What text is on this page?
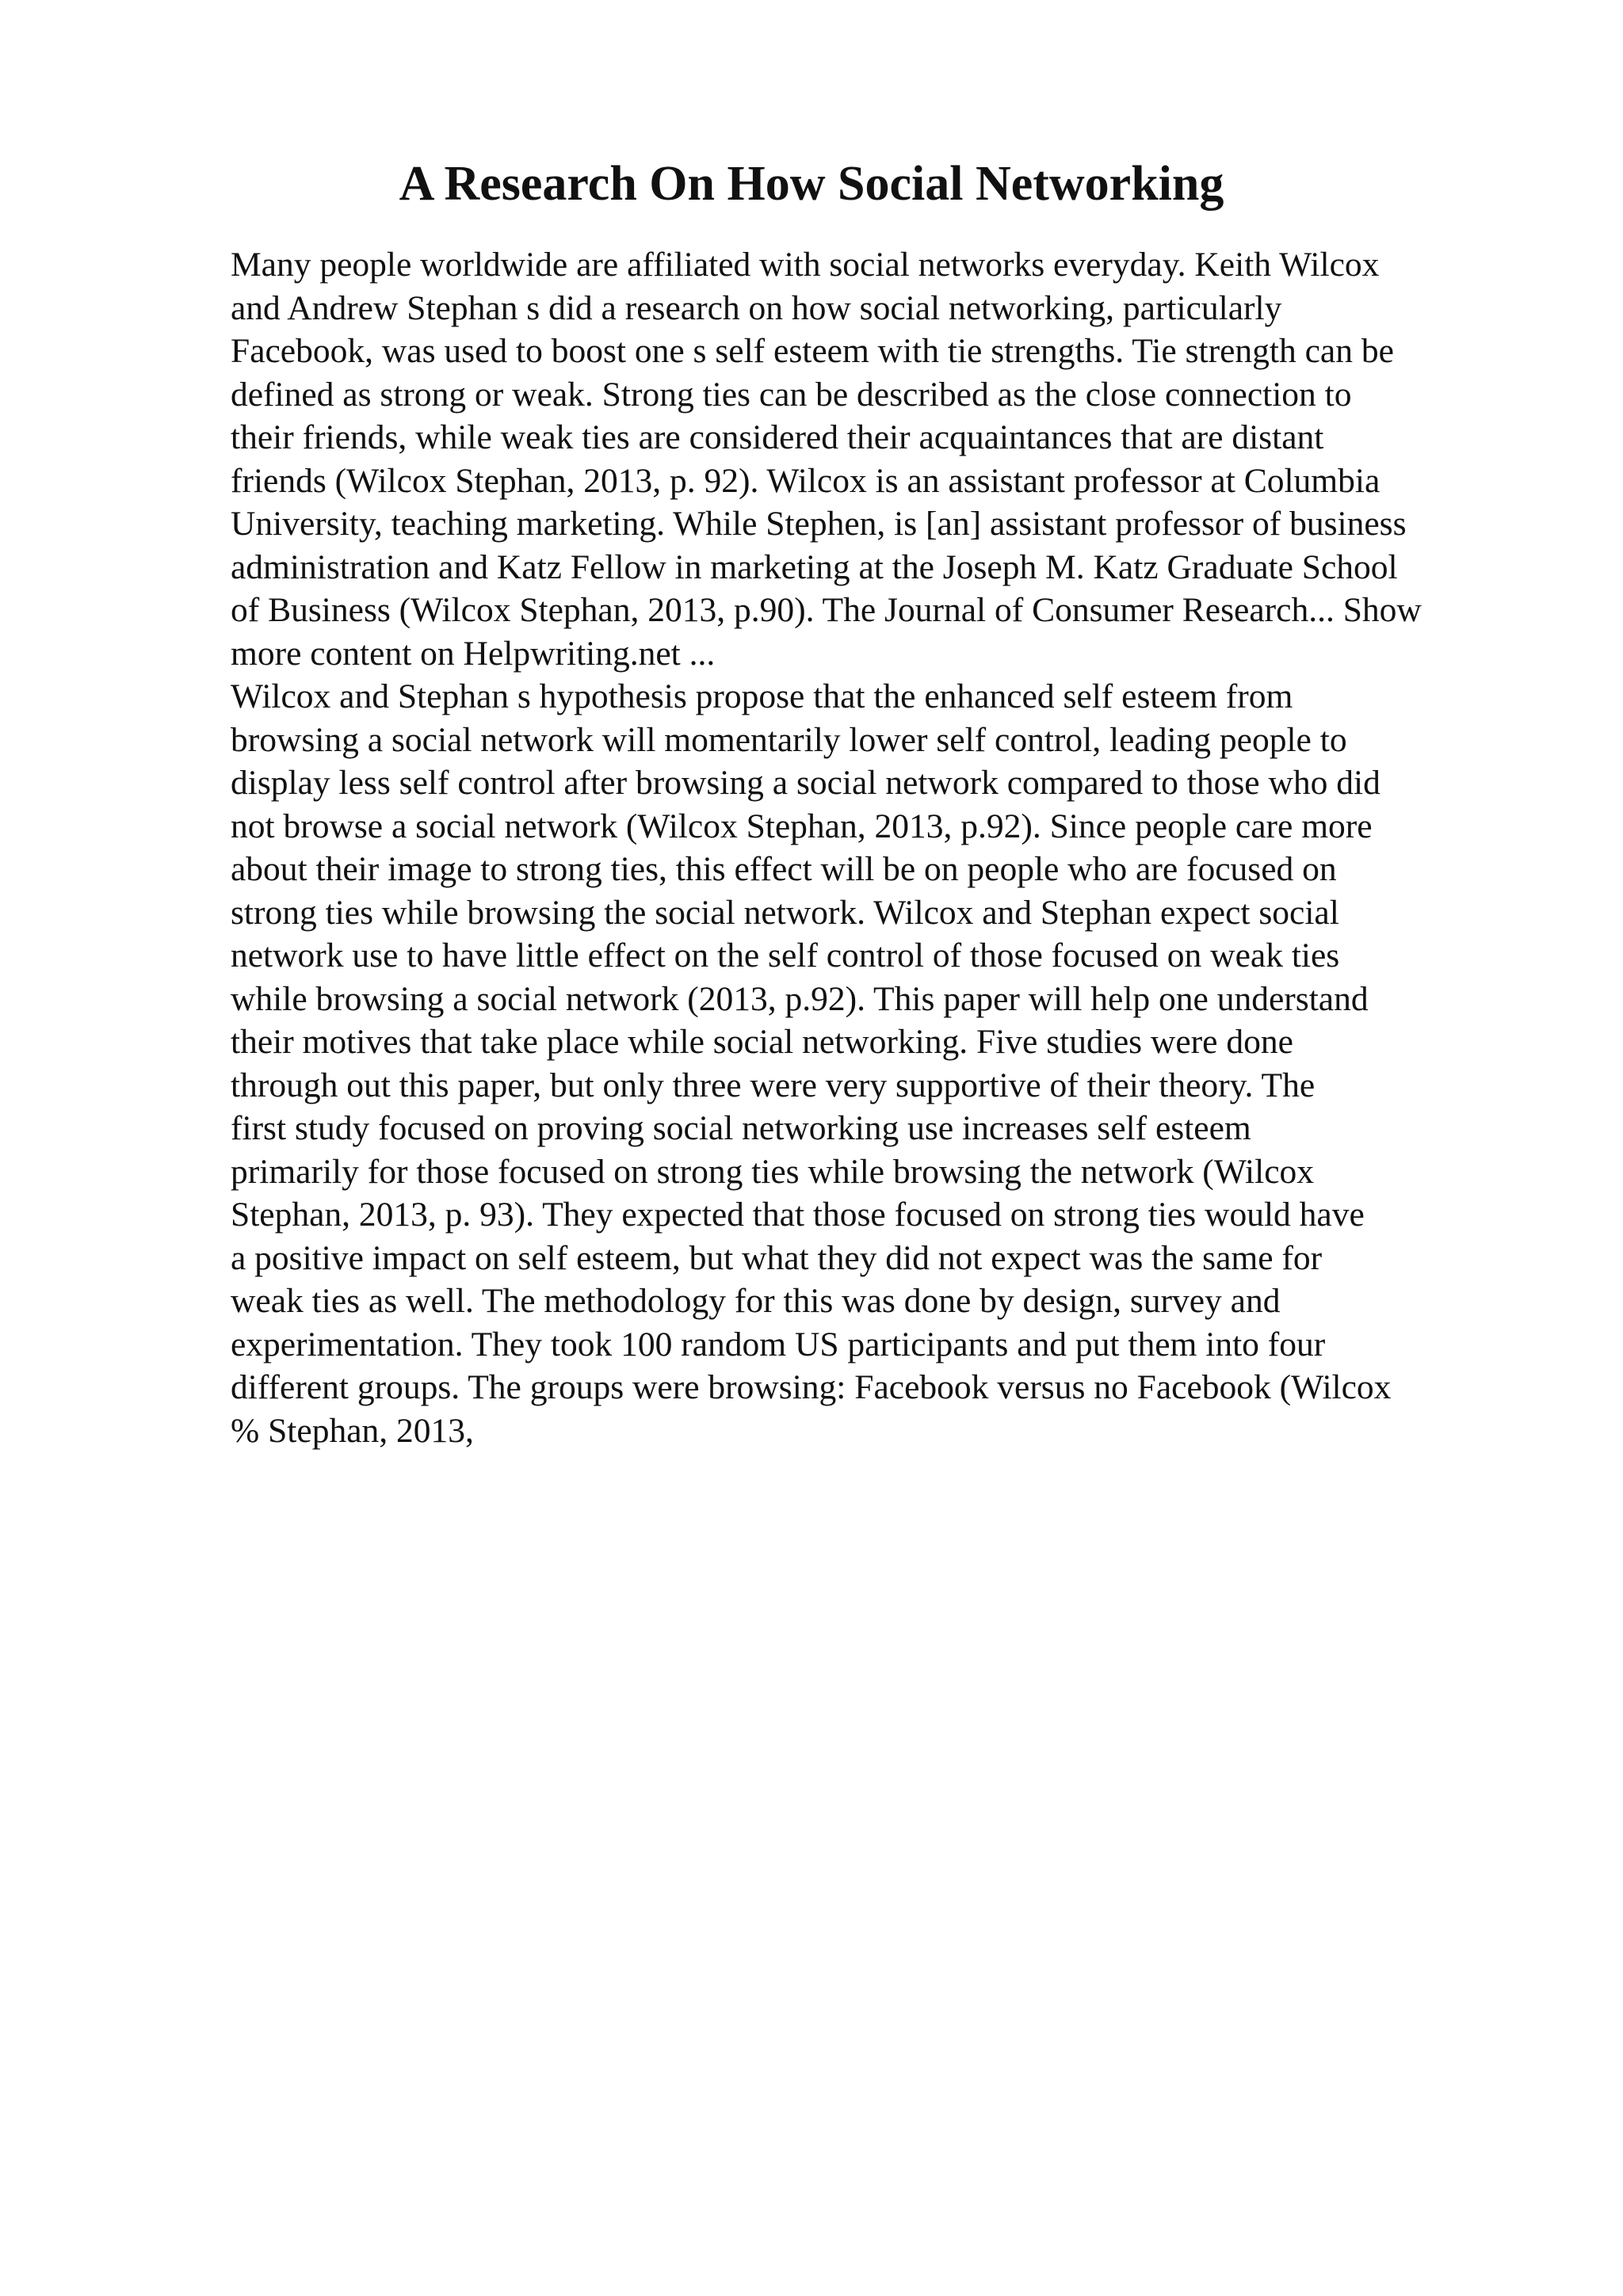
A Research On How Social Networking
Many people worldwide are affiliated with social networks everyday. Keith Wilcox
and Andrew Stephan s did a research on how social networking, particularly
Facebook, was used to boost one s self esteem with tie strengths. Tie strength can be
defined as strong or weak. Strong ties can be described as the close connection to
their friends, while weak ties are considered their acquaintances that are distant
friends (Wilcox Stephan, 2013, p. 92). Wilcox is an assistant professor at Columbia
University, teaching marketing. While Stephen, is [an] assistant professor of business
administration and Katz Fellow in marketing at the Joseph M. Katz Graduate School
of Business (Wilcox Stephan, 2013, p.90). The Journal of Consumer Research... Show
more content on Helpwriting.net ...
Wilcox and Stephan s hypothesis propose that the enhanced self esteem from
browsing a social network will momentarily lower self control, leading people to
display less self control after browsing a social network compared to those who did
not browse a social network (Wilcox Stephan, 2013, p.92). Since people care more
about their image to strong ties, this effect will be on people who are focused on
strong ties while browsing the social network. Wilcox and Stephan expect social
network use to have little effect on the self control of those focused on weak ties
while browsing a social network (2013, p.92). This paper will help one understand
their motives that take place while social networking. Five studies were done
through out this paper, but only three were very supportive of their theory. The
first study focused on proving social networking use increases self esteem
primarily for those focused on strong ties while browsing the network (Wilcox
Stephan, 2013, p. 93). They expected that those focused on strong ties would have
a positive impact on self esteem, but what they did not expect was the same for
weak ties as well. The methodology for this was done by design, survey and
experimentation. They took 100 random US participants and put them into four
different groups. The groups were browsing: Facebook versus no Facebook (Wilcox
% Stephan, 2013,
